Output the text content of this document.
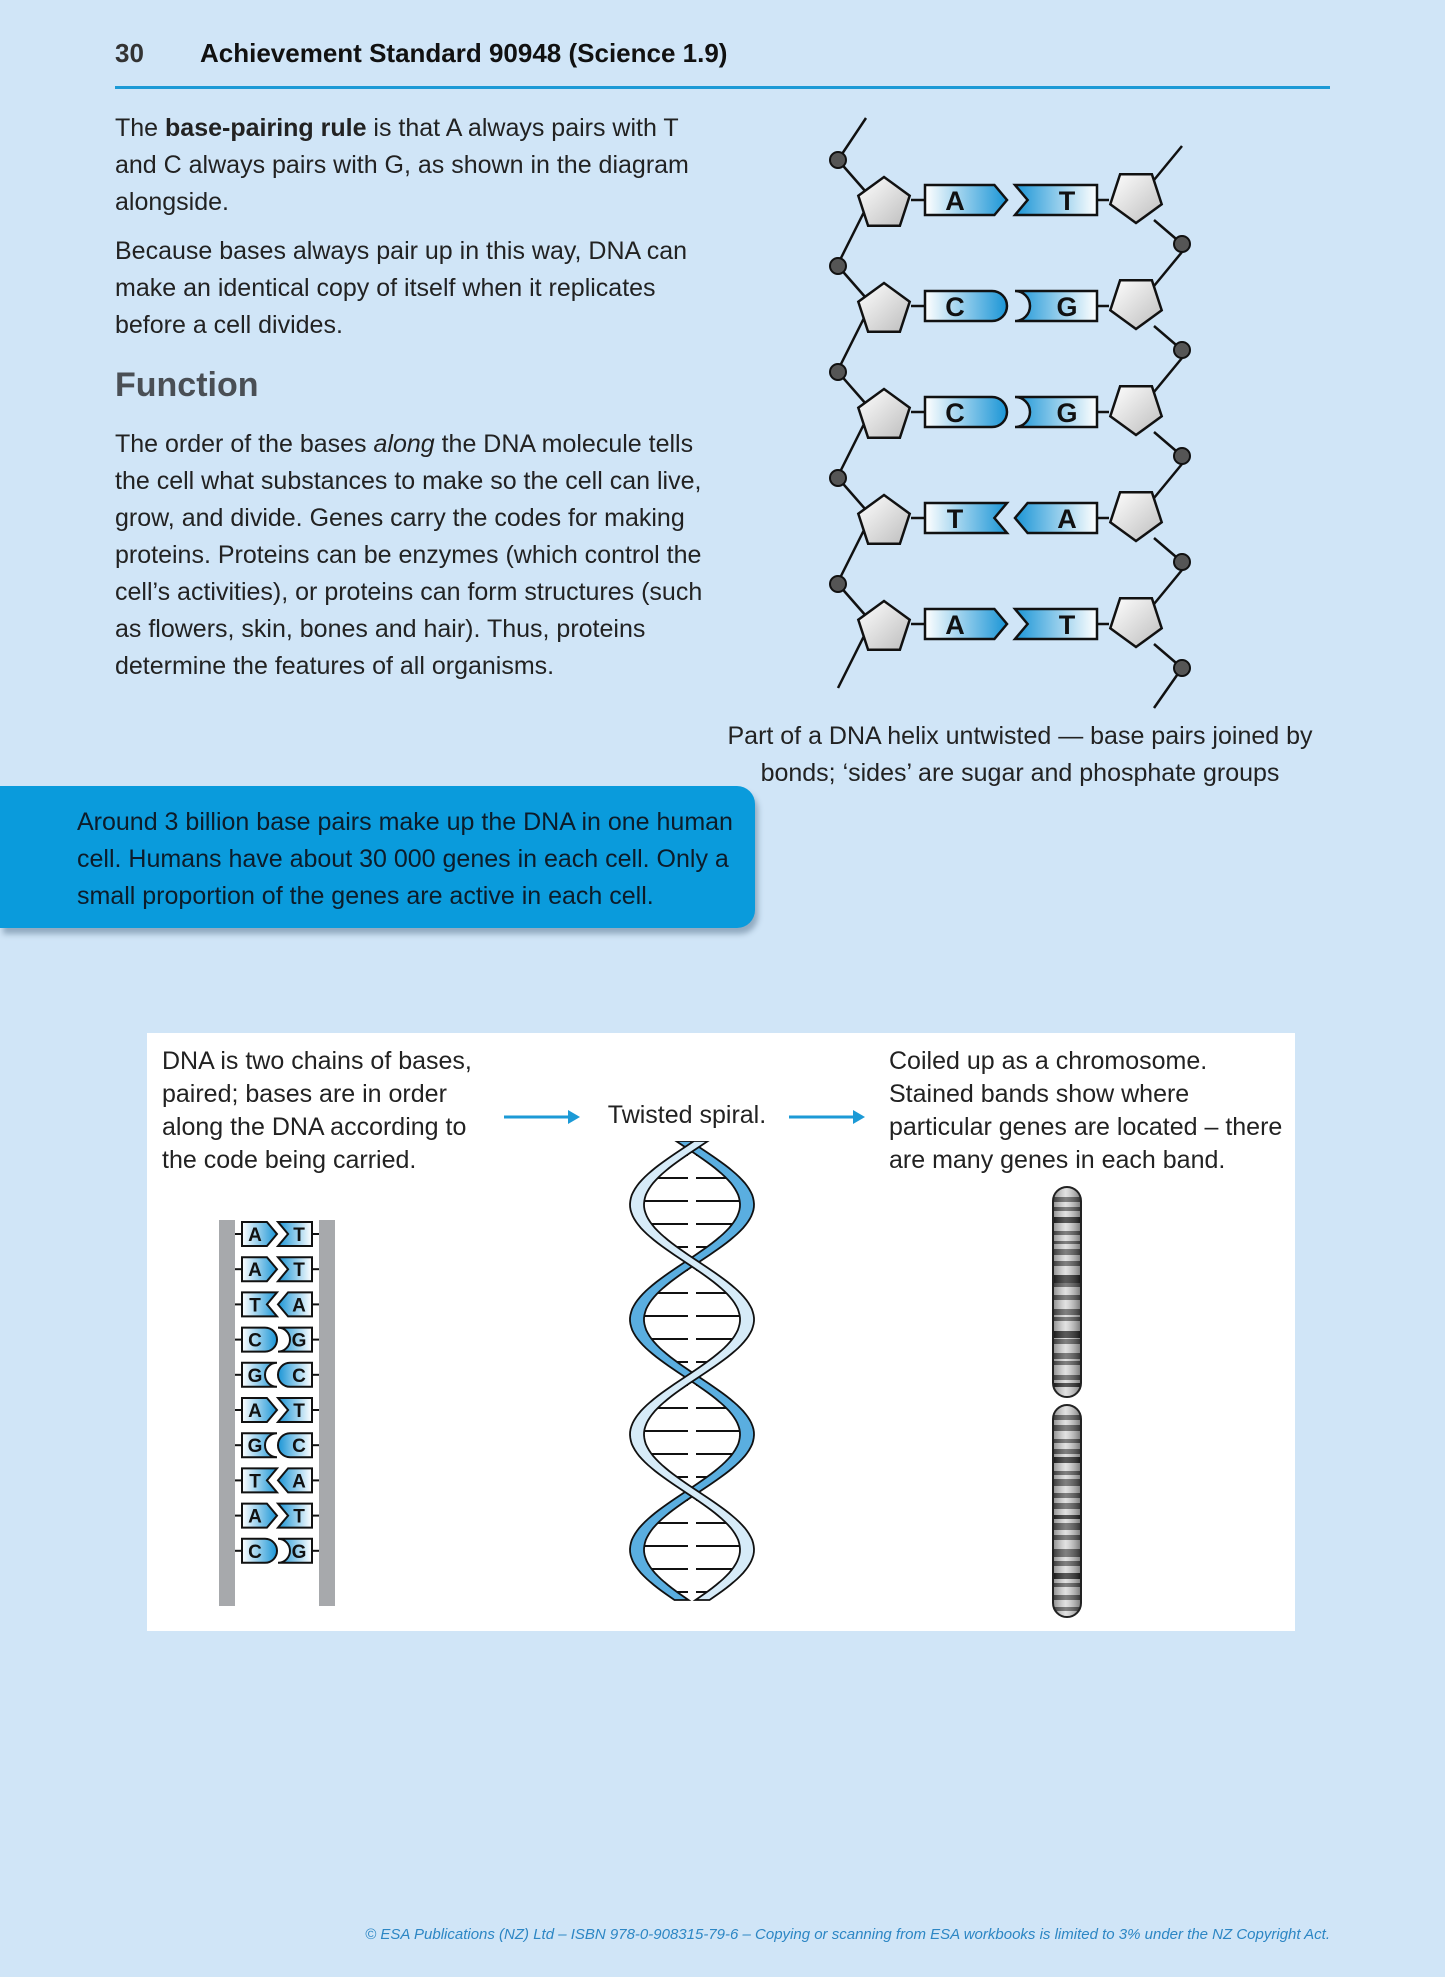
30 Achievement Standard 90948 (Science 1.9)

The base-pairing rule is that A always pairs with T and C always pairs with G, as shown in the diagram alongside.

Because bases always pair up in this way, DNA can make an identical copy of itself when it replicates before a cell divides.

Function

The order of the bases along the DNA molecule tells the cell what substances to make so the cell can live, grow, and divide. Genes carry the codes for making proteins. Proteins can be enzymes (which control the cell’s activities), or proteins can form structures (such as flowers, skin, bones and hair). Thus, proteins determine the features of all organisms.

A	T
C	G
C	G
T	A
A	T
Part of a DNA helix untwisted — base pairs joined by bonds; ‘sides’ are sugar and phosphate groups
Around 3 billion base pairs make up the DNA in one human cell. Humans have about 30 000 genes in each cell. Only a small proportion of the genes are active in each cell.
DNA is two chains of bases, paired; bases are in order along the DNA according to the code being carried.
Twisted spiral.
Coiled up as a chromosome. Stained bands show where particular genes are located – there are many genes in each band.
A T
A T
T A
C G
G C
A T
G C
T A
A T
C G
© ESA Publications (NZ) Ltd – ISBN 978-0-908315-79-6 – Copying or scanning from ESA workbooks is limited to 3% under the NZ Copyright Act.
